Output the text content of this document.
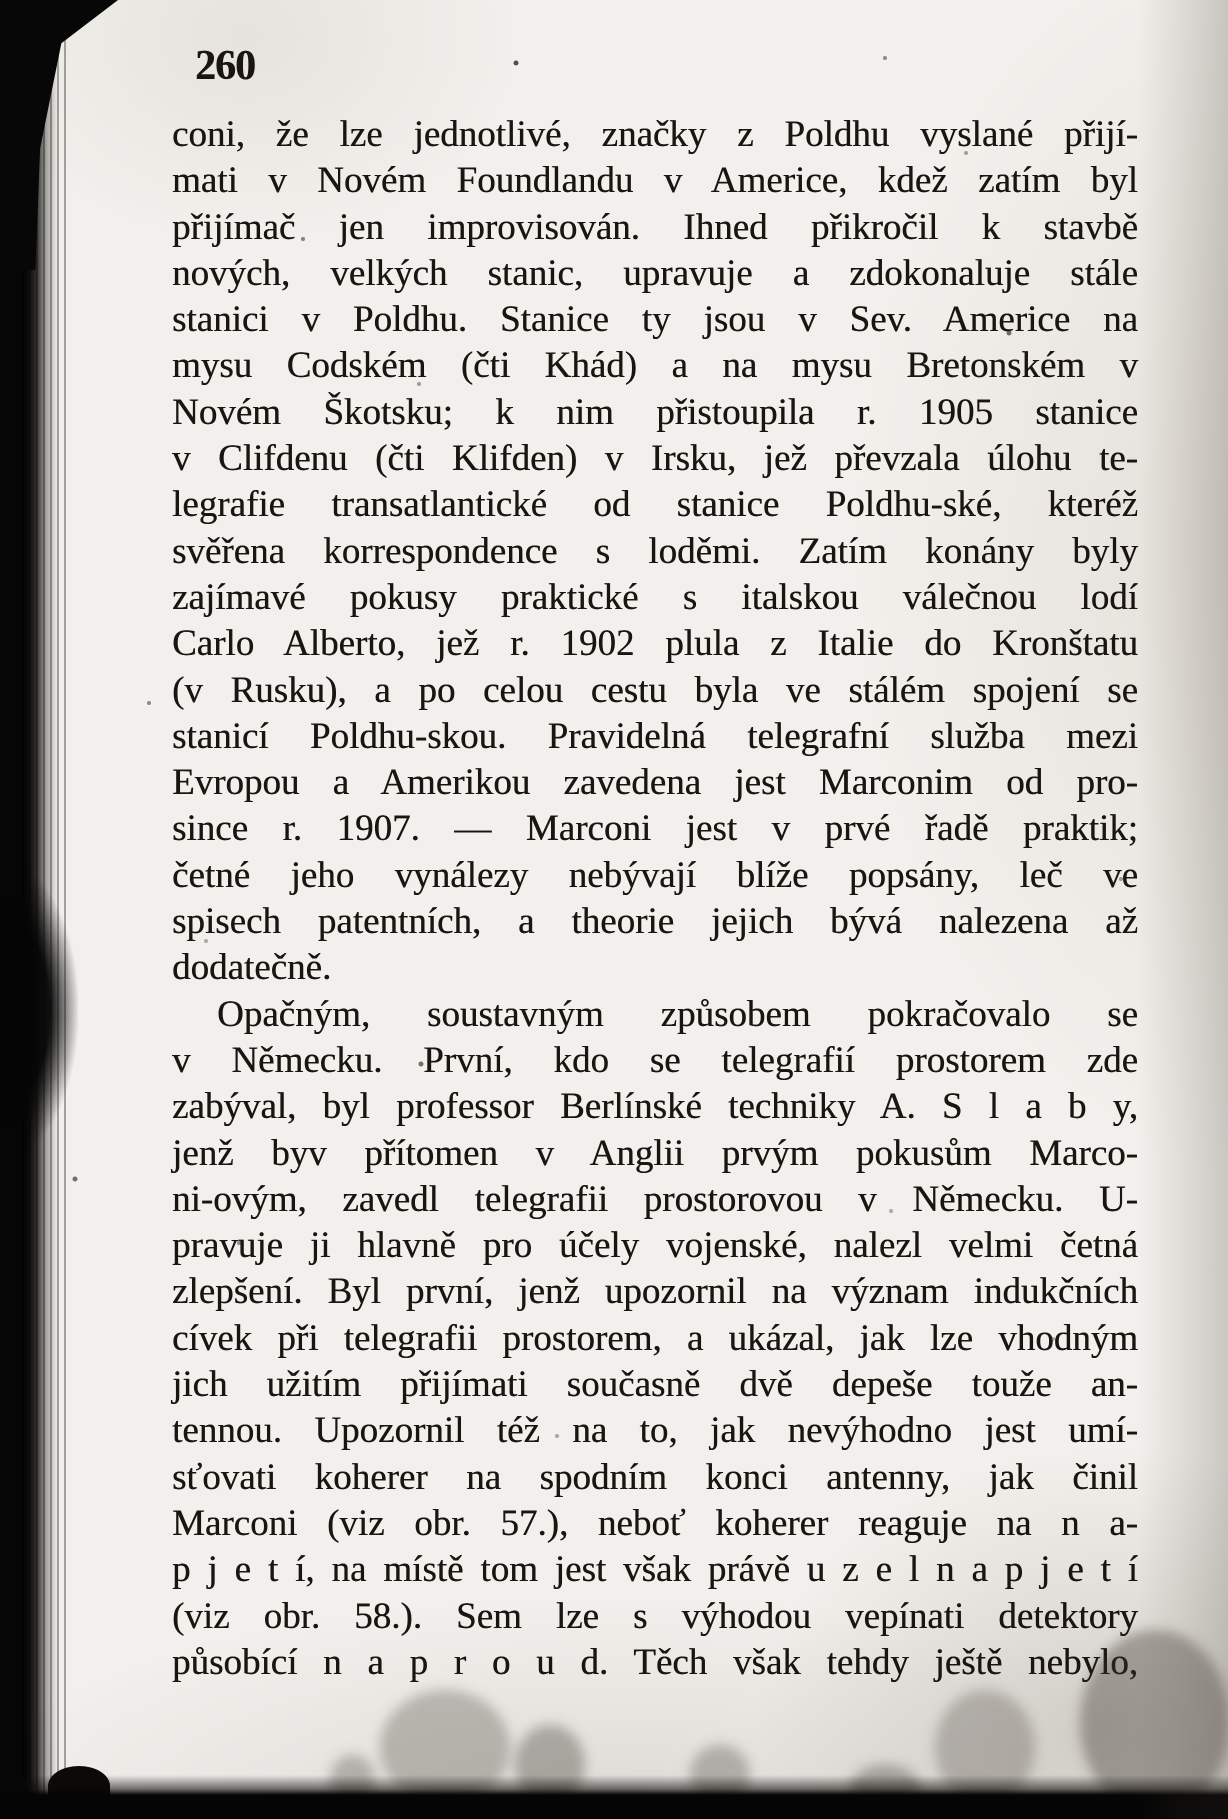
260
coni, že lze jednotlivé, značky z Poldhu vyslané přijí-
mati v Novém Foundlandu v Americe, kdež zatím byl
přijímač jen improvisován. Ihned přikročil k stavbě
nových, velkých stanic, upravuje a zdokonaluje stále
stanici v Poldhu. Stanice ty jsou v Sev. Americe na
mysu Codském (čti Khád) a na mysu Bretonském v
Novém Škotsku; k nim přistoupila r. 1905 stanice
v Clifdenu (čti Klifden) v Irsku, jež převzala úlohu te-
legrafie transatlantické od stanice Poldhu-ské, kteréž
svěřena korrespondence s loděmi. Zatím konány byly
zajímavé pokusy praktické s italskou válečnou lodí
Carlo Alberto, jež r. 1902 plula z Italie do Kronštatu
(v Rusku), a po celou cestu byla ve stálém spojení se
stanicí Poldhu-skou. Pravidelná telegrafní služba mezi
Evropou a Amerikou zavedena jest Marconim od pro-
since r. 1907. — Marconi jest v prvé řadě praktik;
četné jeho vynálezy nebývají blíže popsány, leč ve
spisech patentních, a theorie jejich bývá nalezena až
dodatečně.
Opačným, soustavným způsobem pokračovalo se
v Německu. První, kdo se telegrafií prostorem zde
zabýval, byl professor Berlínské techniky A. S l a b y,
jenž byv přítomen v Anglii prvým pokusům Marco-
ni-ovým, zavedl telegrafii prostorovou v Německu. U-
pravuje ji hlavně pro účely vojenské, nalezl velmi četná
zlepšení. Byl první, jenž upozornil na význam indukčních
cívek při telegrafii prostorem, a ukázal, jak lze vhodným
jich užitím přijímati současně dvě depeše touže an-
tennou. Upozornil též na to, jak nevýhodno jest umí-
sťovati koherer na spodním konci antenny, jak činil
Marconi (viz obr. 57.), neboť koherer reaguje na n a-
p j e t í, na místě tom jest však právě u z e l n a p j e t í
(viz obr. 58.). Sem lze s výhodou vepínati detektory
působící n a p r o u d. Těch však tehdy ještě nebylo,
